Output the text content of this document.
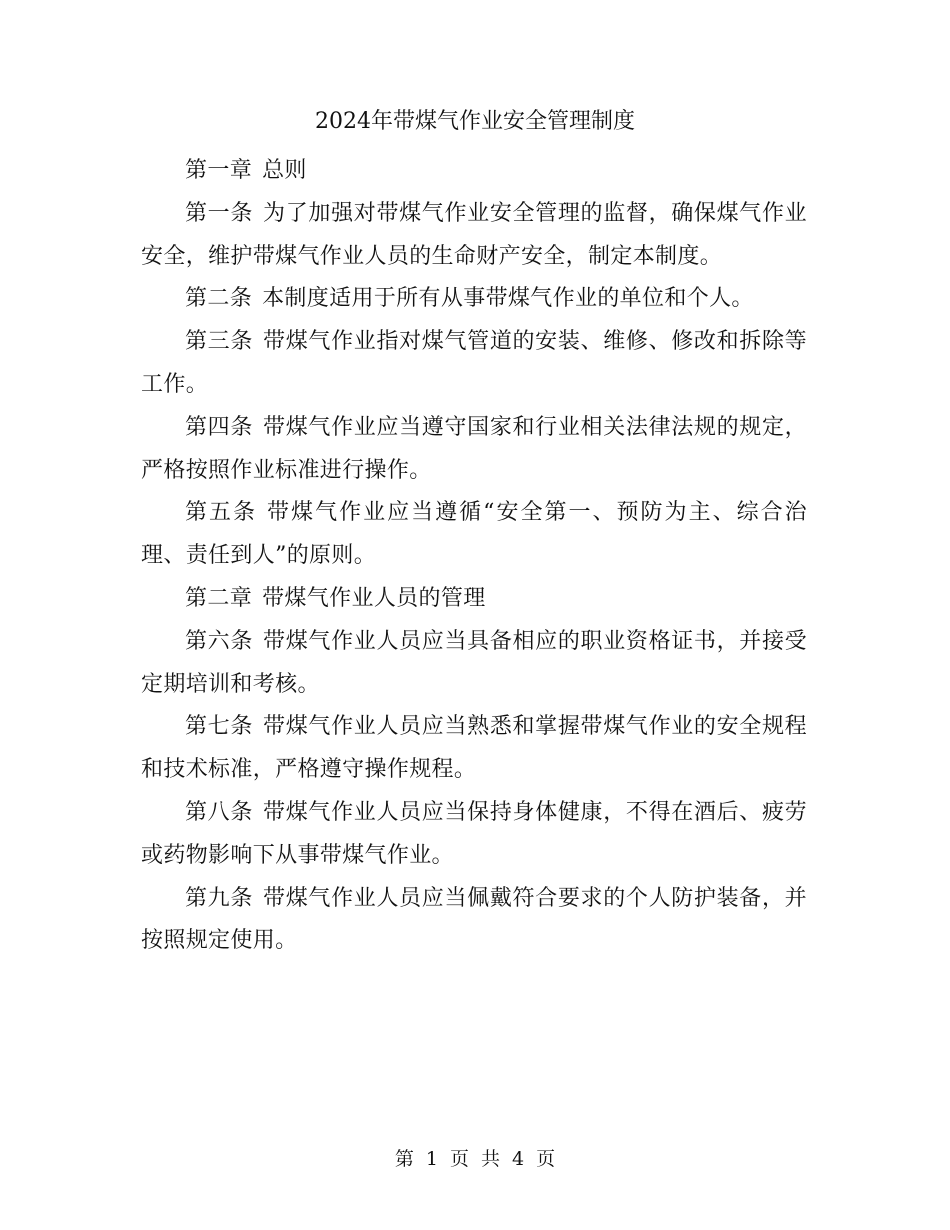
2024年带煤气作业安全管理制度

第一章 总则

第一条 为了加强对带煤气作业安全管理的监督，确保煤气作业安全，维护带煤气作业人员的生命财产安全，制定本制度。

第二条 本制度适用于所有从事带煤气作业的单位和个人。

第三条 带煤气作业指对煤气管道的安装、维修、修改和拆除等工作。

第四条 带煤气作业应当遵守国家和行业相关法律法规的规定，严格按照作业标准进行操作。

第五条 带煤气作业应当遵循“安全第一、预防为主、综合治理、责任到人”的原则。

第二章 带煤气作业人员的管理

第六条 带煤气作业人员应当具备相应的职业资格证书，并接受定期培训和考核。

第七条 带煤气作业人员应当熟悉和掌握带煤气作业的安全规程和技术标准，严格遵守操作规程。

第八条 带煤气作业人员应当保持身体健康，不得在酒后、疲劳或药物影响下从事带煤气作业。

第九条 带煤气作业人员应当佩戴符合要求的个人防护装备，并按照规定使用。

第 1 页 共 4 页
